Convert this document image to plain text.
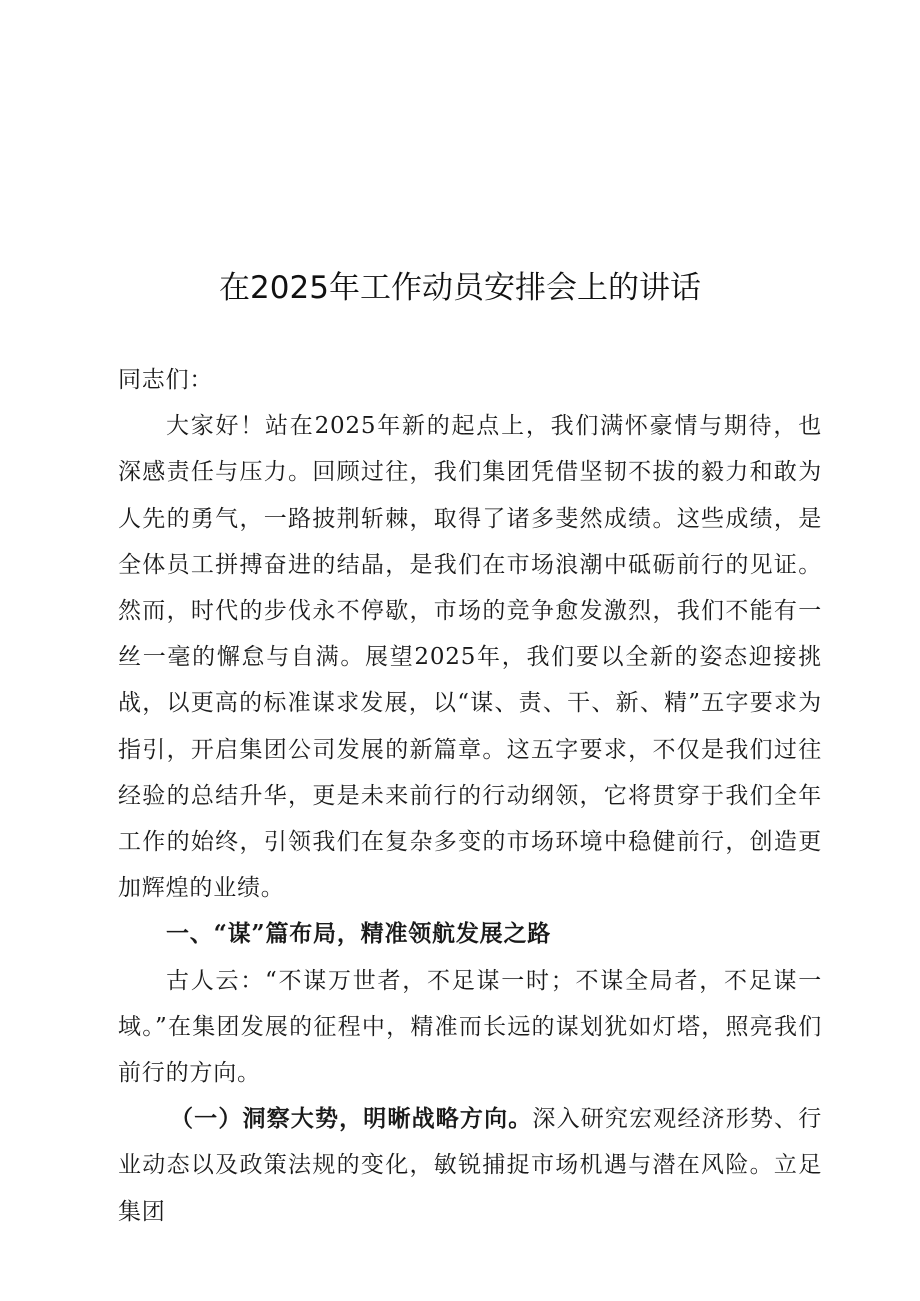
在2025年工作动员安排会上的讲话

同志们：

大家好！站在2025年新的起点上，我们满怀豪情与期待，也深感责任与压力。回顾过往，我们集团凭借坚韧不拔的毅力和敢为人先的勇气，一路披荆斩棘，取得了诸多斐然成绩。这些成绩，是全体员工拼搏奋进的结晶，是我们在市场浪潮中砥砺前行的见证。然而，时代的步伐永不停歇，市场的竞争愈发激烈，我们不能有一丝一毫的懈怠与自满。展望2025年，我们要以全新的姿态迎接挑战，以更高的标准谋求发展，以“谋、责、干、新、精”五字要求为指引，开启集团公司发展的新篇章。这五字要求，不仅是我们过往经验的总结升华，更是未来前行的行动纲领，它将贯穿于我们全年工作的始终，引领我们在复杂多变的市场环境中稳健前行，创造更加辉煌的业绩。

一、“谋”篇布局，精准领航发展之路

古人云：“不谋万世者，不足谋一时；不谋全局者，不足谋一域。”在集团发展的征程中，精准而长远的谋划犹如灯塔，照亮我们前行的方向。

（一）洞察大势，明晰战略方向。深入研究宏观经济形势、行业动态以及政策法规的变化，敏锐捕捉市场机遇与潜在风险。立足集团
